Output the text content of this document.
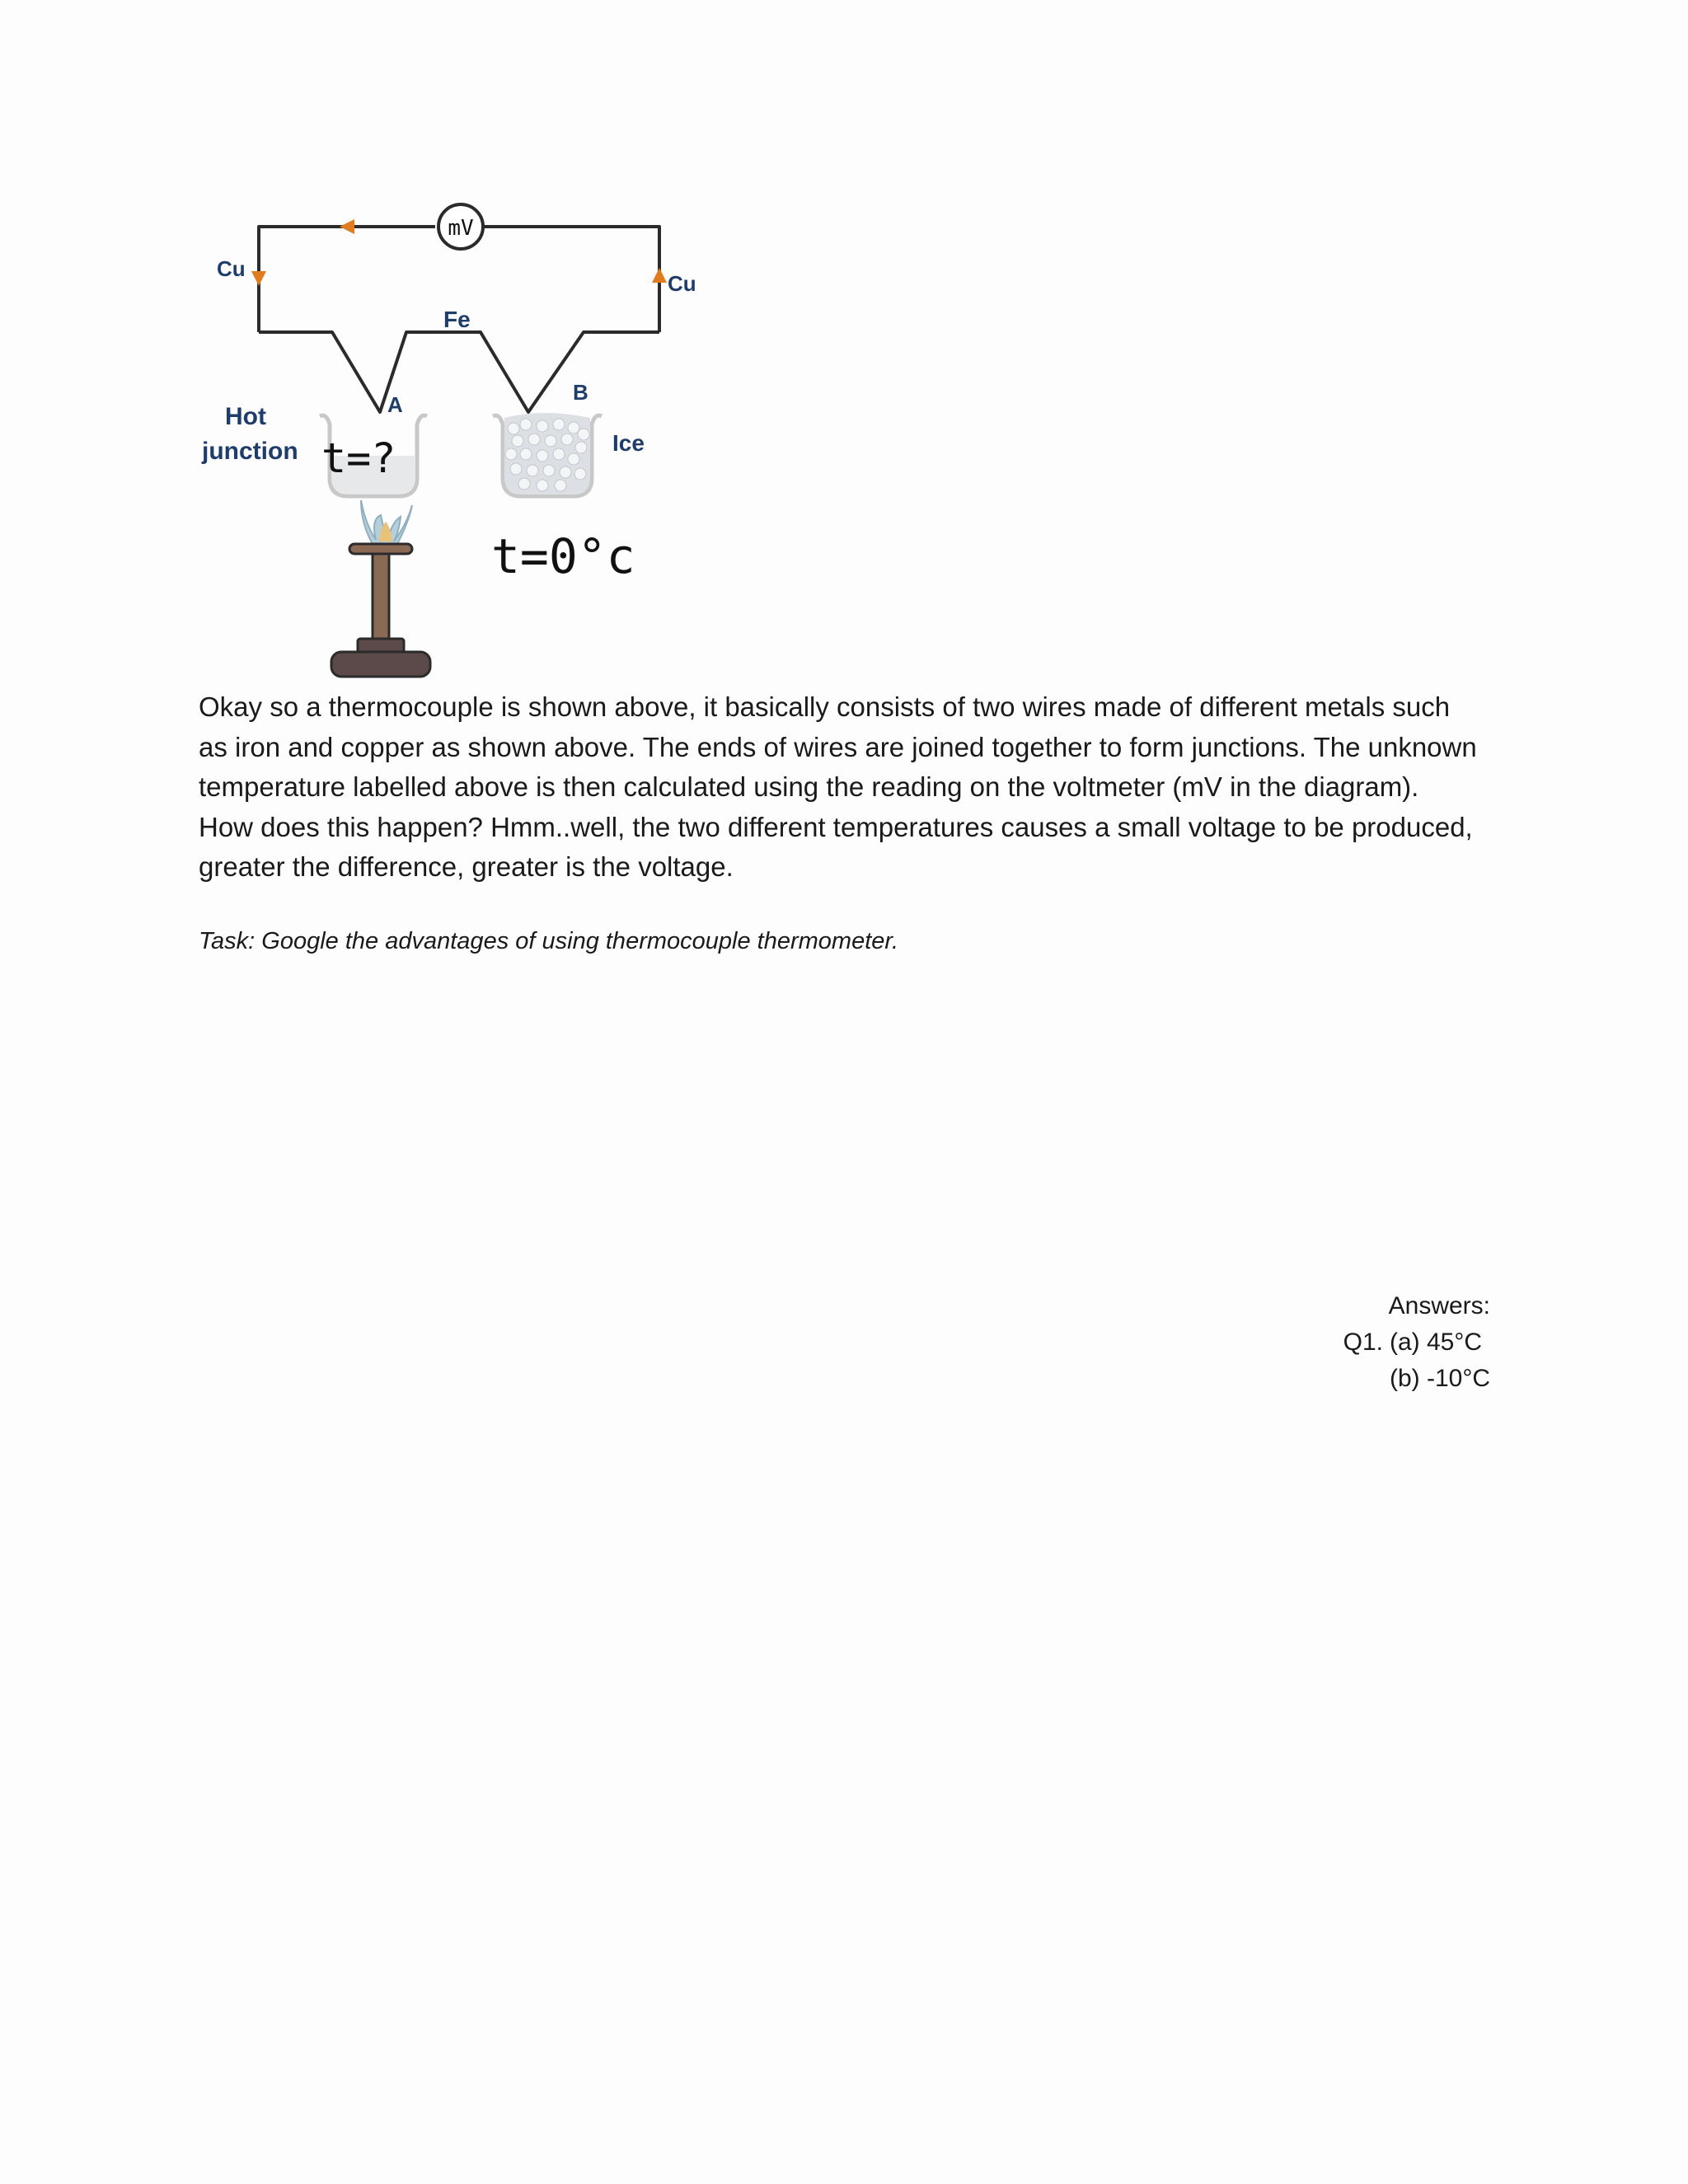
mV
Cu
Cu
Fe
A	B
t=?	Ice
Hot
junction
t=0°c

Okay so a thermocouple is shown above, it basically consists of two wires made of different metals such as iron and copper as shown above. The ends of wires are joined together to form junctions. The unknown temperature labelled above is then calculated using the reading on the voltmeter (mV in the diagram).

How does this happen? Hmm..well, the two different temperatures causes a small voltage to be produced, greater the difference, greater is the voltage.

Task: Google the advantages of using thermocouple thermometer.
Answers:
Q1. (a) 45°C
(b) -10°C
